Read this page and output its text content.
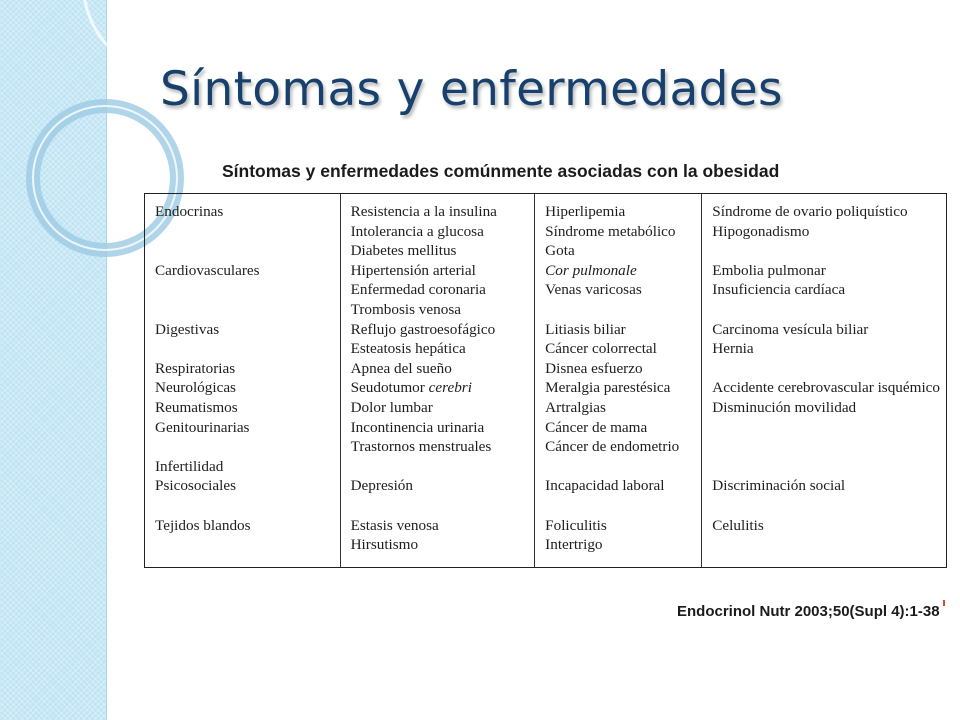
Síntomas y enfermedades

Síntomas y enfermedades comúnmente asociadas con la obesidad

Endocrinas
Cardiovasculares
Digestivas
Respiratorias
Neurológicas
Reumatismos
Genitourinarias
Infertilidad
Psicosociales
Tejidos blandos
Resistencia a la insulina
Intolerancia a glucosa
Diabetes mellitus
Hipertensión arterial
Enfermedad coronaria
Trombosis venosa
Reflujo gastroesofágico
Esteatosis hepática
Apnea del sueño
Seudotumor cerebri
Dolor lumbar
Incontinencia urinaria
Trastornos menstruales
Depresión
Estasis venosa
Hirsutismo
Hiperlipemia
Síndrome metabólico
Gota
Cor pulmonale
Venas varicosas
Litiasis biliar
Cáncer colorrectal
Disnea esfuerzo
Meralgia parestésica
Artralgias
Cáncer de mama
Cáncer de endometrio
Incapacidad laboral
Foliculitis
Intertrigo
Síndrome de ovario poliquístico
Hipogonadismo
Embolia pulmonar
Insuficiencia cardíaca
Carcinoma vesícula biliar
Hernia
Accidente cerebrovascular isquémico
Disminución movilidad
Discriminación social
Celulitis

Endocrinol Nutr 2003;50(Supl 4):1-38
